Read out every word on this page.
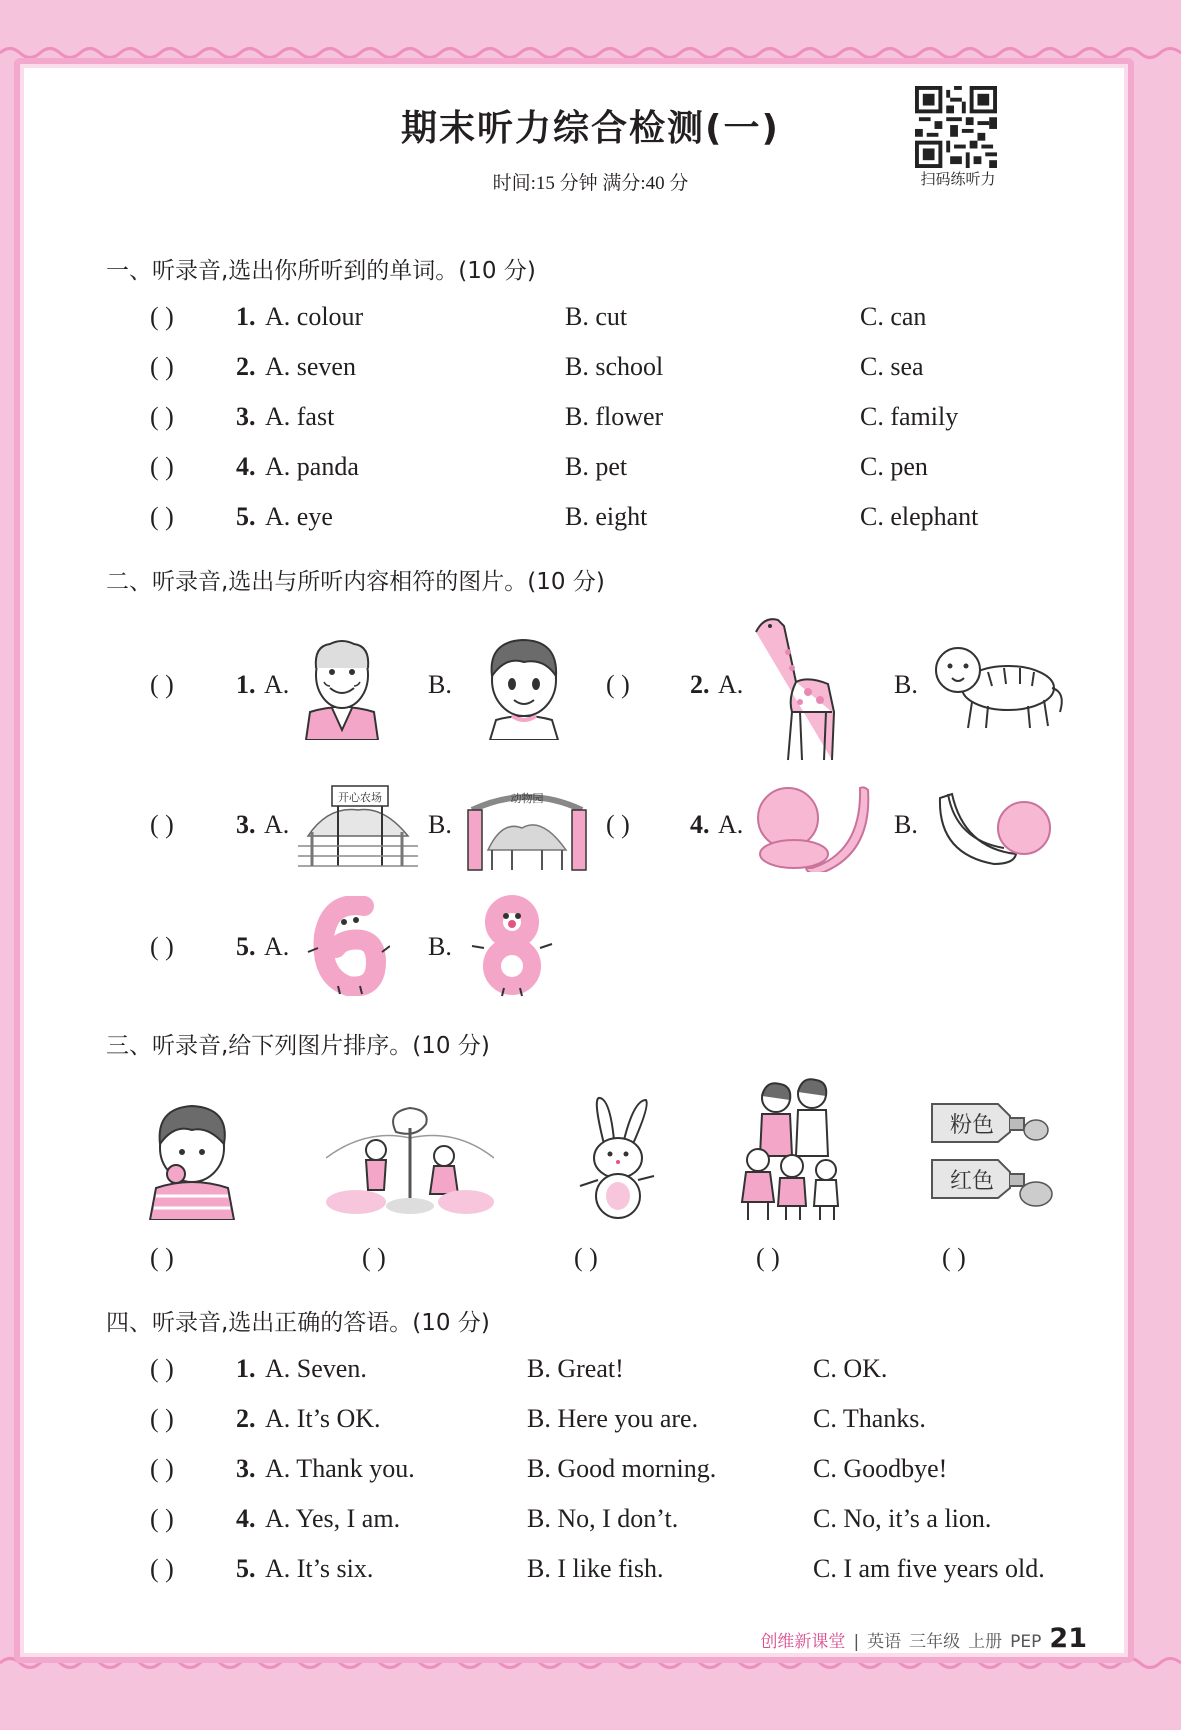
期末听力综合检测(一)
时间:15 分钟 满分:40 分	扫码练听力
一、听录音,选出你所听到的单词。(10 分)
( ) 1. A. colour	B. cut	C. can
( ) 2. A. seven	B. school	C. sea
( ) 3. A. fast	B. flower	C. family
( ) 4. A. panda	B. pet	C. pen
( ) 5. A. eye	B. eight	C. elephant
二、听录音,选出与所听内容相符的图片。(10 分)
( ) 1. A.	B.	( ) 2. A.	B.
( ) 3. A.
开心农场
B.
动物园
( ) 4. A.	B.
( ) 5. A.	B.
三、听录音,给下列图片排序。(10 分)
粉色
红色
( )	( )	( )	( )	( )
四、听录音,选出正确的答语。(10 分)
( ) 1. A. Seven.	B. Great!	C. OK.
( ) 2. A. It’s OK.	B. Here you are.	C. Thanks.
( ) 3. A. Thank you.	B. Good morning.	C. Goodbye!
( ) 4. A. Yes, I am.	B. No, I don’t.	C. No, it’s a lion.
( ) 5. A. It’s six.	B. I like fish.	C. I am five years old.
创维新课堂 | 英语 三年级 上册 PEP 21
